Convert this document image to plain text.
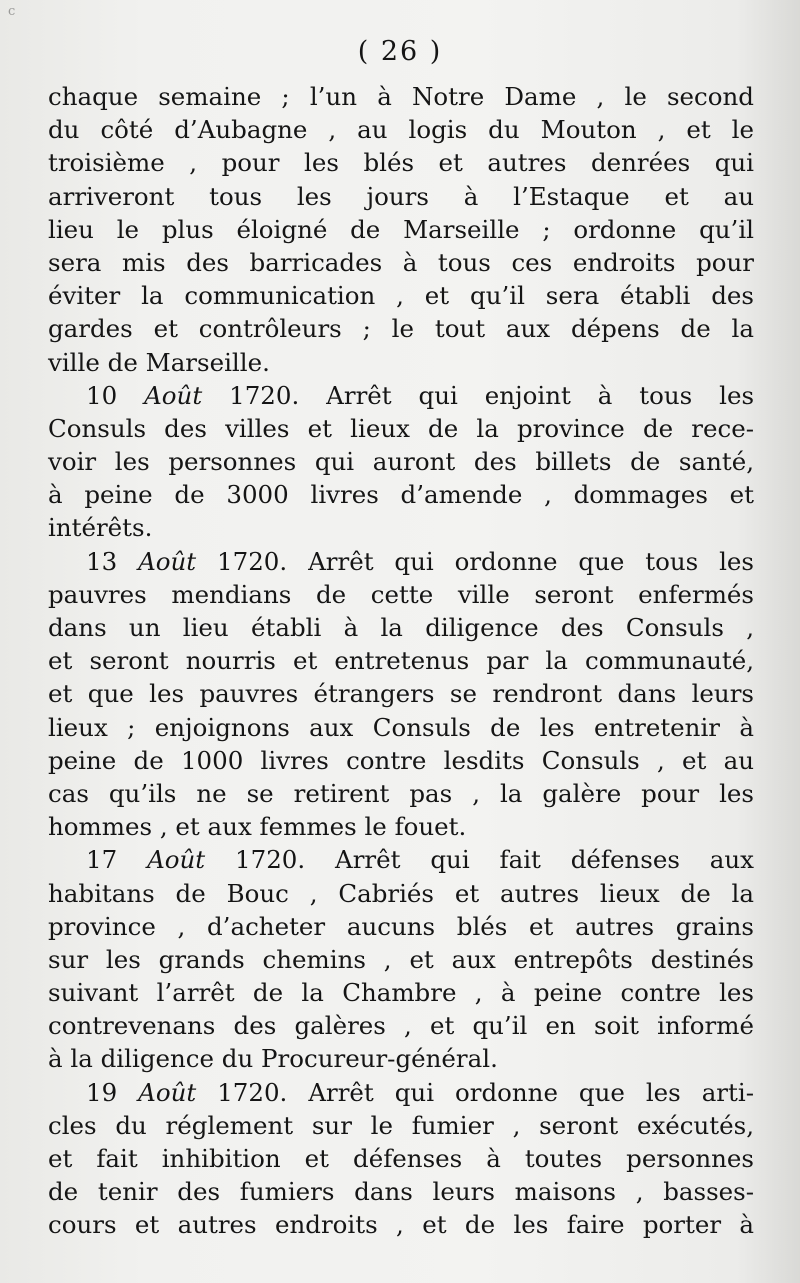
c
( 26 )
chaque semaine ; l’un à Notre Dame , le second
du côté d’Aubagne , au logis du Mouton , et le
troisième , pour les blés et autres denrées qui
arriveront tous les jours à l’Estaque et au
lieu le plus éloigné de Marseille ; ordonne qu’il
sera mis des barricades à tous ces endroits pour
éviter la communication , et qu’il sera établi des
gardes et contrôleurs ; le tout aux dépens de la
ville de Marseille.
10 Août 1720. Arrêt qui enjoint à tous les
Consuls des villes et lieux de la province de rece-
voir les personnes qui auront des billets de santé,
à peine de 3000 livres d’amende , dommages et
intérêts.
13 Août 1720. Arrêt qui ordonne que tous les
pauvres mendians de cette ville seront enfermés
dans un lieu établi à la diligence des Consuls ,
et seront nourris et entretenus par la communauté,
et que les pauvres étrangers se rendront dans leurs
lieux ; enjoignons aux Consuls de les entretenir à
peine de 1000 livres contre lesdits Consuls , et au
cas qu’ils ne se retirent pas , la galère pour les
hommes , et aux femmes le fouet.
17 Août 1720. Arrêt qui fait défenses aux
habitans de Bouc , Cabriés et autres lieux de la
province , d’acheter aucuns blés et autres grains
sur les grands chemins , et aux entrepôts destinés
suivant l’arrêt de la Chambre , à peine contre les
contrevenans des galères , et qu’il en soit informé
à la diligence du Procureur-général.
19 Août 1720. Arrêt qui ordonne que les arti-
cles du réglement sur le fumier , seront exécutés,
et fait inhibition et défenses à toutes personnes
de tenir des fumiers dans leurs maisons , basses-
cours et autres endroits , et de les faire porter à
